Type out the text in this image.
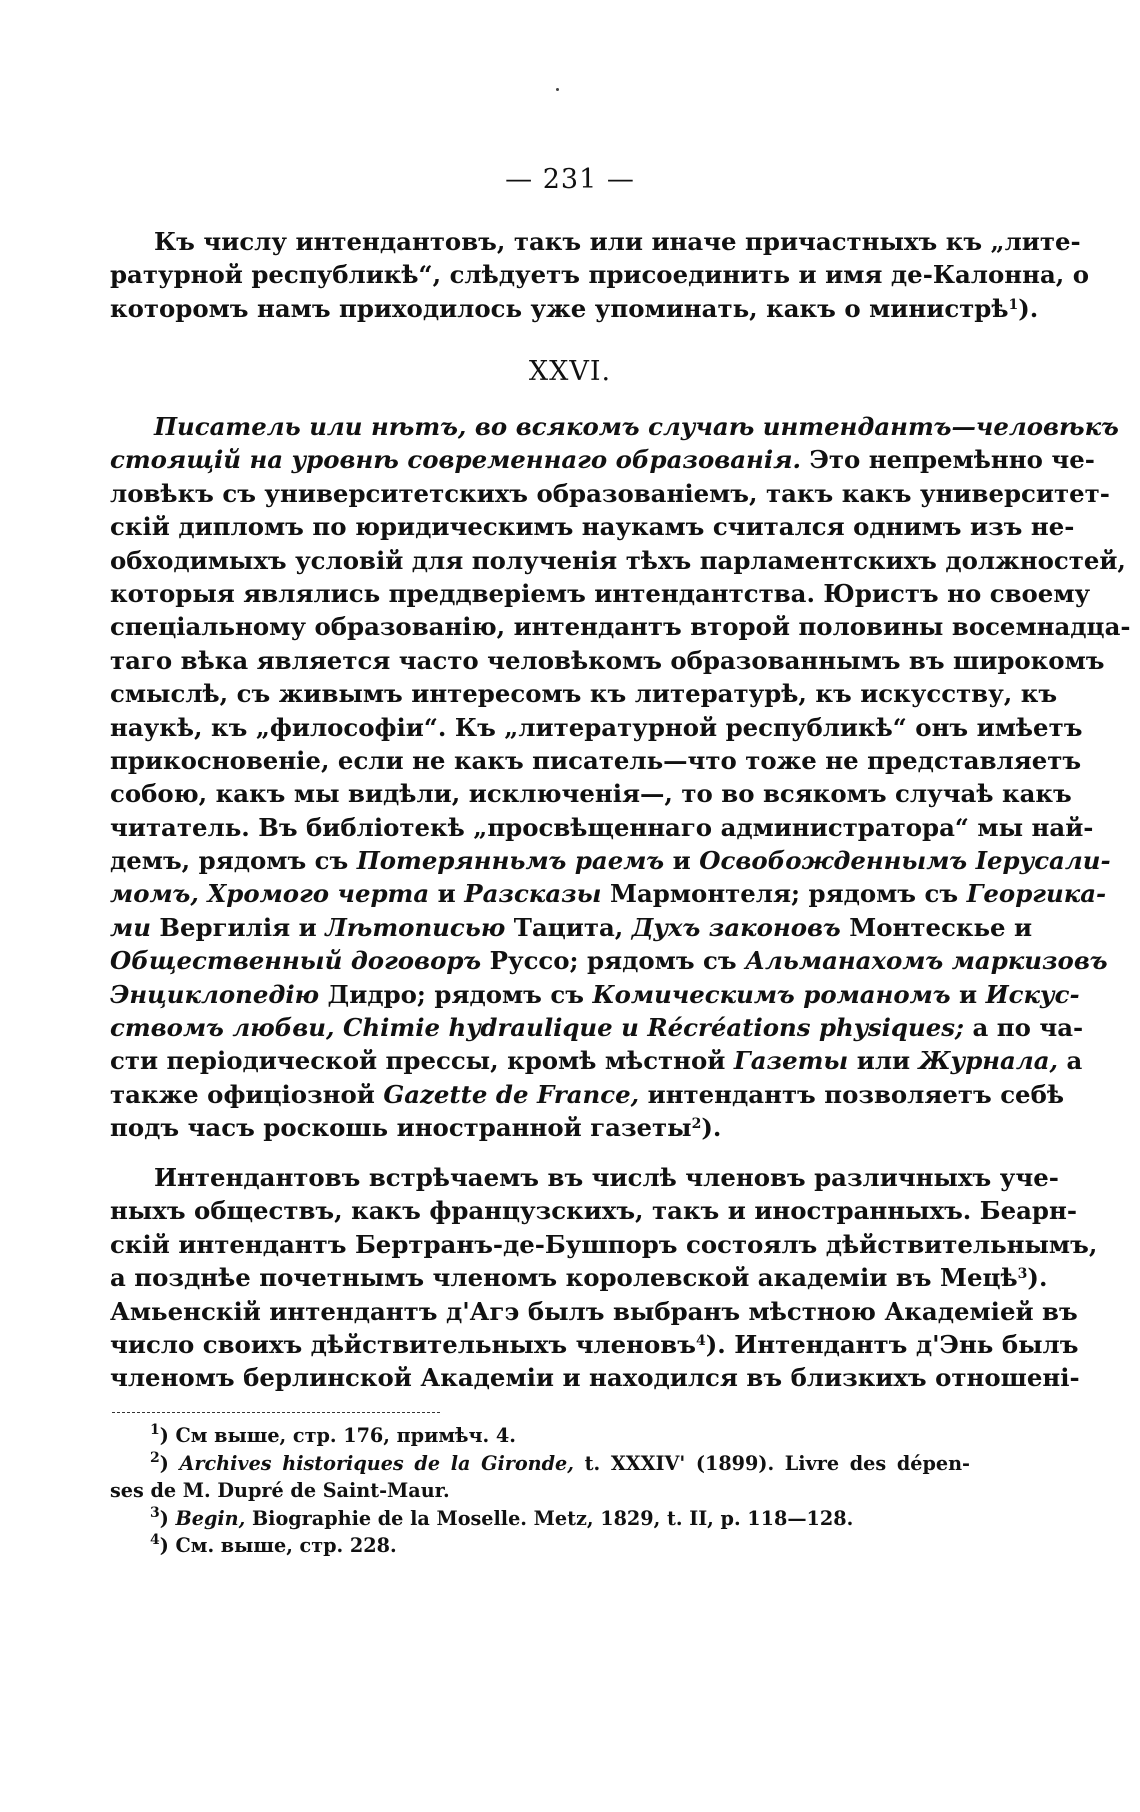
— 231 —
Къ числу интендантовъ, такъ или иначе причастныхъ къ „лите-
ратурной республикѣ“, слѣдуетъ присоединить и имя де-Калонна, о
которомъ намъ приходилось уже упоминать, какъ о министрѣ$^1$).
XXVI.
Писатель или нѣтъ, во всякомъ случаѣ интендантъ—человѣкъ
стоящій на уровнѣ современнаго образованія. Это непремѣнно че-
ловѣкъ съ университетскихъ образованіемъ, такъ какъ университет-
скій дипломъ по юридическимъ наукамъ считался однимъ изъ не-
обходимыхъ условій для полученія тѣхъ парламентскихъ должностей,
которыя являлись преддверіемъ интендантства. Юристъ но своему
спеціальному образованію, интендантъ второй половины восемнадца-
таго вѣка является часто человѣкомъ образованнымъ въ широкомъ
смыслѣ, съ живымъ интересомъ къ литературѣ, къ искусству, къ
наукѣ, къ „философіи“. Къ „литературной республикѣ“ онъ имѣетъ
прикосновеніе, если не какъ писатель—что тоже не представляетъ
собою, какъ мы видѣли, исключенія—, то во всякомъ случаѣ какъ
читатель. Въ библіотекѣ „просвѣщеннаго администратора“ мы най-
демъ, рядомъ съ Потерянньмъ раемъ и Освобожденнымъ Іерусали-
момъ, Хромого черта и Разсказы Мармонтеля; рядомъ съ Георгика-
ми Вергилія и Лѣтописью Тацита, Духъ законовъ Монтескье и
Общественный договоръ Руссо; рядомъ съ Альманахомъ маркизовъ
Энциклопедію Дидро; рядомъ съ Комическимъ романомъ и Искус-
ствомъ любви, Chimie hydraulique и Récréations physiques; а по ча-
сти періодической прессы, кромѣ мѣстной Газеты или Журнала, а
также офиціозной Gazette de France, интендантъ позволяетъ себѣ
подъ часъ роскошь иностранной газеты$^2$).
Интендантовъ встрѣчаемъ въ числѣ членовъ различныхъ уче-
ныхъ обществъ, какъ французскихъ, такъ и иностранныхъ. Беарн-
скій интендантъ Бертранъ-де-Бушпоръ состоялъ дѣйствительнымъ,
а позднѣе почетнымъ членомъ королевской академіи въ Мецѣ$^3$).
Амьенскій интендантъ д'Агэ былъ выбранъ мѣстною Академіей въ
число своихъ дѣйствительныхъ членовъ$^4$). Интендантъ д'Энь былъ
членомъ берлинской Академіи и находился въ близкихъ отношені-
$^1$) См выше, стр. 176, примѣч. 4.
$^2$) Archives historiques de la Gironde, t. XXXIV' (1899). Livre des dépen-
ses de M. Dupré de Saint-Maur.
$^3$) Begin, Biographie de la Moselle. Metz, 1829, t. II, p. 118—128.
$^4$) См. выше, стр. 228.
